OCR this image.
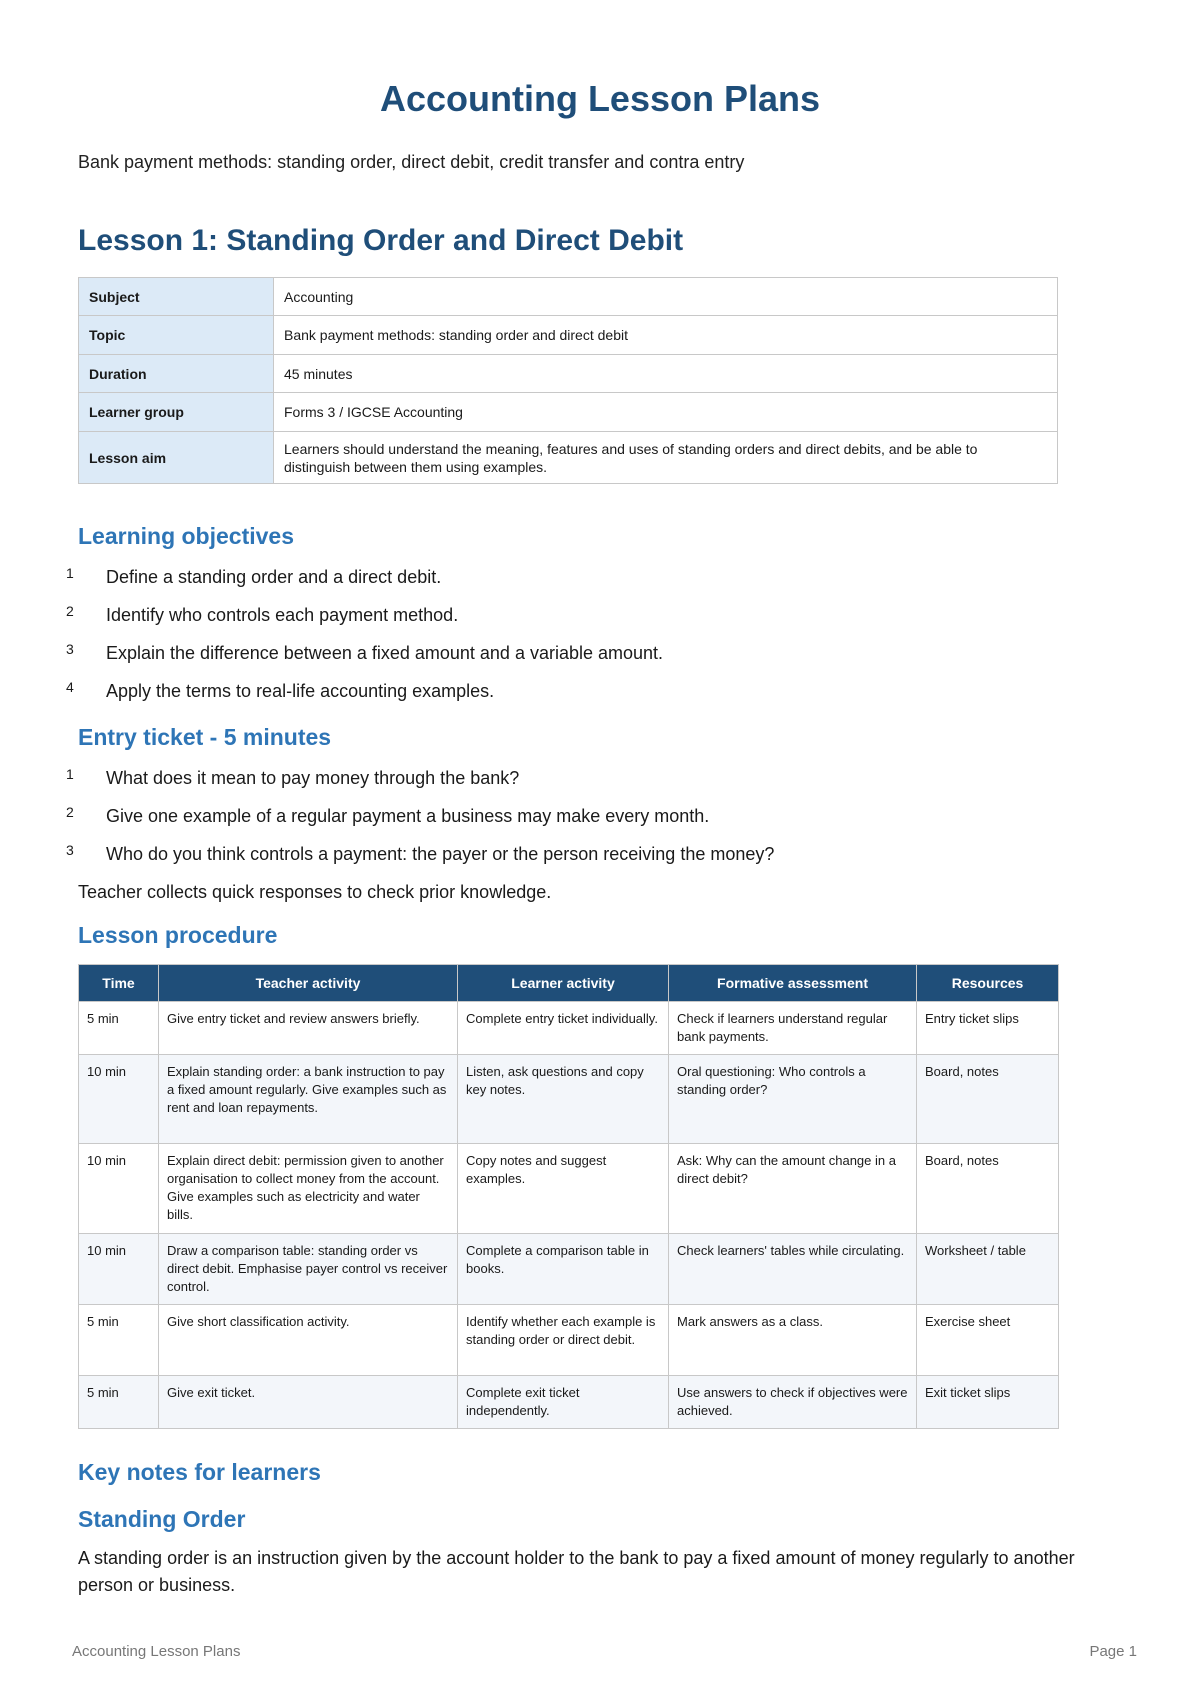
Accounting Lesson Plans
Bank payment methods: standing order, direct debit, credit transfer and contra entry
Lesson 1: Standing Order and Direct Debit
Subject	Accounting
Topic	Bank payment methods: standing order and direct debit
Duration	45 minutes
Learner group	Forms 3 / IGCSE Accounting
Lesson aim	Learners should understand the meaning, features and uses of standing orders and direct debits, and be able to distinguish between them using examples.
Learning objectives
1 Define a standing order and a direct debit.
2 Identify who controls each payment method.
3 Explain the difference between a fixed amount and a variable amount.
4 Apply the terms to real-life accounting examples.
Entry ticket - 5 minutes
1 What does it mean to pay money through the bank?
2 Give one example of a regular payment a business may make every month.
3 Who do you think controls a payment: the payer or the person receiving the money?
Teacher collects quick responses to check prior knowledge.
Lesson procedure
Time	Teacher activity	Learner activity	Formative assessment	Resources
5 min	Give entry ticket and review answers briefly.	Complete entry ticket individually.	Check if learners understand regular bank payments.	Entry ticket slips
10 min	Explain standing order: a bank instruction to pay a fixed amount regularly. Give examples such as rent and loan repayments.	Listen, ask questions and copy key notes.	Oral questioning: Who controls a standing order?	Board, notes
10 min	Explain direct debit: permission given to another organisation to collect money from the account. Give examples such as electricity and water bills.	Copy notes and suggest examples.	Ask: Why can the amount change in a direct debit?	Board, notes
10 min	Draw a comparison table: standing order vs direct debit. Emphasise payer control vs receiver control.	Complete a comparison table in books.	Check learners' tables while circulating.	Worksheet / table
5 min	Give short classification activity.	Identify whether each example is standing order or direct debit.	Mark answers as a class.	Exercise sheet
5 min	Give exit ticket.	Complete exit ticket independently.	Use answers to check if objectives were achieved.	Exit ticket slips
Key notes for learners
Standing Order
A standing order is an instruction given by the account holder to the bank to pay a fixed amount of money regularly to another person or business.
Accounting Lesson Plans	Page 1
